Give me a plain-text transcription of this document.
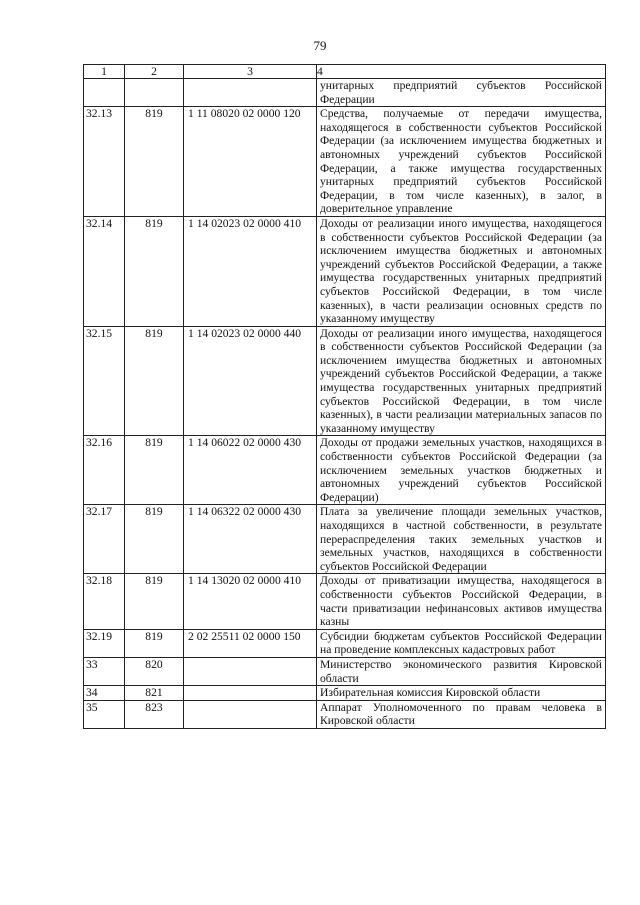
79
1	2	3	4
			унитарных предприятий субъектов Российской Федерации
32.13	819	1 11 08020 02 0000 120	Средства, получаемые от передачи имущества, находящегося в собственности субъектов Российской Федерации (за исключением имущества бюджетных и автономных учреждений субъектов Российской Федерации, а также имущества государственных унитарных предприятий субъектов Российской Федерации, в том числе казенных), в залог, в доверительное управление
32.14	819	1 14 02023 02 0000 410	Доходы от реализации иного имущества, находящегося в собственности субъектов Российской Федерации (за исключением имущества бюджетных и автономных учреждений субъектов Российской Федерации, а также имущества государственных унитарных предприятий субъектов Российской Федерации, в том числе казенных), в части реализации основных средств по указанному имуществу
32.15	819	1 14 02023 02 0000 440	Доходы от реализации иного имущества, находящегося в собственности субъектов Российской Федерации (за исключением имущества бюджетных и автономных учреждений субъектов Российской Федерации, а также имущества государственных унитарных предприятий субъектов Российской Федерации, в том числе казенных), в части реализации материальных запасов по указанному имуществу
32.16	819	1 14 06022 02 0000 430	Доходы от продажи земельных участков, находящихся в собственности субъектов Российской Федерации (за исключением земельных участков бюджетных и автономных учреждений субъектов Российской Федерации)
32.17	819	1 14 06322 02 0000 430	Плата за увеличение площади земельных участков, находящихся в частной собственности, в результате перераспределения таких земельных участков и земельных участков, находящихся в собственности субъектов Российской Федерации
32.18	819	1 14 13020 02 0000 410	Доходы от приватизации имущества, находящегося в собственности субъектов Российской Федерации, в части приватизации нефинансовых активов имущества казны
32.19	819	2 02 25511 02 0000 150	Субсидии бюджетам субъектов Российской Федерации на проведение комплексных кадастровых работ
33	820		Министерство экономического развития Кировской области
34	821		Избирательная комиссия Кировской области
35	823		Аппарат Уполномоченного по правам человека в Кировской области
